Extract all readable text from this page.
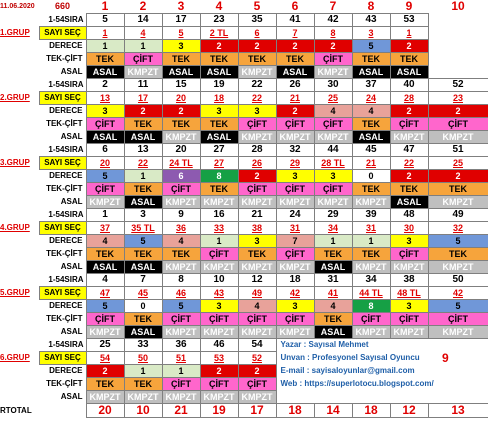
11.06.2020	660	1	2	3	4	5	6	7	8	9	10	
	1-54SIRA	5	14	17	23	35	41	42	43	53		
1.GRUP	SAYI SEÇ	1	4	5	2 TL	6	7	8	3	1		
	DERECE	1	1	3	2	2	2	2	5	2		
	TEK-ÇİFT	TEK	ÇİFT	TEK	TEK	TEK	TEK	ÇİFT	TEK	TEK		
	ASAL	ASAL	KMPZT	ASAL	ASAL	KMPZT	ASAL	KMPZT	ASAL	ASAL		
	1-54SIRA	2	11	15	19	22	26	30	37	40	52	
2.GRUP	SAYI SEÇ	13	17	20	18	22	21	25	24	28	23	
	DERECE	3	2	2	3	3	2	4	4	2	2	
	TEK-ÇİFT	ÇİFT	TEK	TEK	TEK	ÇİFT	ÇİFT	ÇİFT	TEK	ÇİFT	ÇİFT	
	ASAL	ASAL	ASAL	KMPZT	ASAL	KMPZT	KMPZT	KMPZT	ASAL	KMPZT	KMPZT	
	1-54SIRA	6	13	20	27	28	32	44	45	47	51	
3.GRUP	SAYI SEÇ	20	22	24 TL	27	26	29	28 TL	21	22	25	
	DERECE	5	1	6	8	2	3	3	0	2	2	
	TEK-ÇİFT	ÇİFT	TEK	ÇİFT	TEK	ÇİFT	ÇİFT	ÇİFT	TEK	TEK	TEK	
	ASAL	KMPZT	ASAL	KMPZT	KMPZT	KMPZT	KMPZT	KMPZT	KMPZT	ASAL	KMPZT	
	1-54SIRA	1	3	9	16	21	24	29	39	48	49	
4.GRUP	SAYI SEÇ	37	35 TL	36	33	38	31	34	31	30	32	
	DERECE	4	5	4	1	3	7	1	1	3	5	
	TEK-ÇİFT	TEK	TEK	TEK	ÇİFT	TEK	ÇİFT	TEK	TEK	ÇİFT	TEK	
	ASAL	ASAL	ASAL	KMPZT	KMPZT	KMPZT	KMPZT	ASAL	KMPZT	KMPZT	KMPZT	
	1-54SIRA	4	7	8	10	12	18	31	34	38	50	
5.GRUP	SAYI SEÇ	47	45	46	43	49	42	41	44 TL	48 TL	42	
	DERECE	5	0	5	3	4	3	4	8	3	5	
	TEK-ÇİFT	ÇİFT	TEK	ÇİFT	ÇİFT	ÇİFT	ÇİFT	TEK	ÇİFT	ÇİFT	ÇİFT	
	ASAL	KMPZT	ASAL	KMPZT	KMPZT	KMPZT	KMPZT	ASAL	KMPZT	KMPZT	KMPZT	
	1-54SIRA	25	33	36	46	54	Yazar : Sayısal Mehmet					
6.GRUP	SAYI SEÇ	54	50	51	53	52	Unvan : Profesyonel Sayısal Oyuncu				9	
	DERECE	2	1	1	2	2	E-mail : sayisaloyunlar@gmail.com					
	TEK-ÇİFT	TEK	TEK	ÇİFT	ÇİFT	ÇİFT	Web : https://superlotocu.blogspot.com/					
	ASAL	KMPZT	KMPZT	KMPZT	KMPZT	KMPZT						
RTOTAL		20	10	21	19	17	18	14	18	12	13	
